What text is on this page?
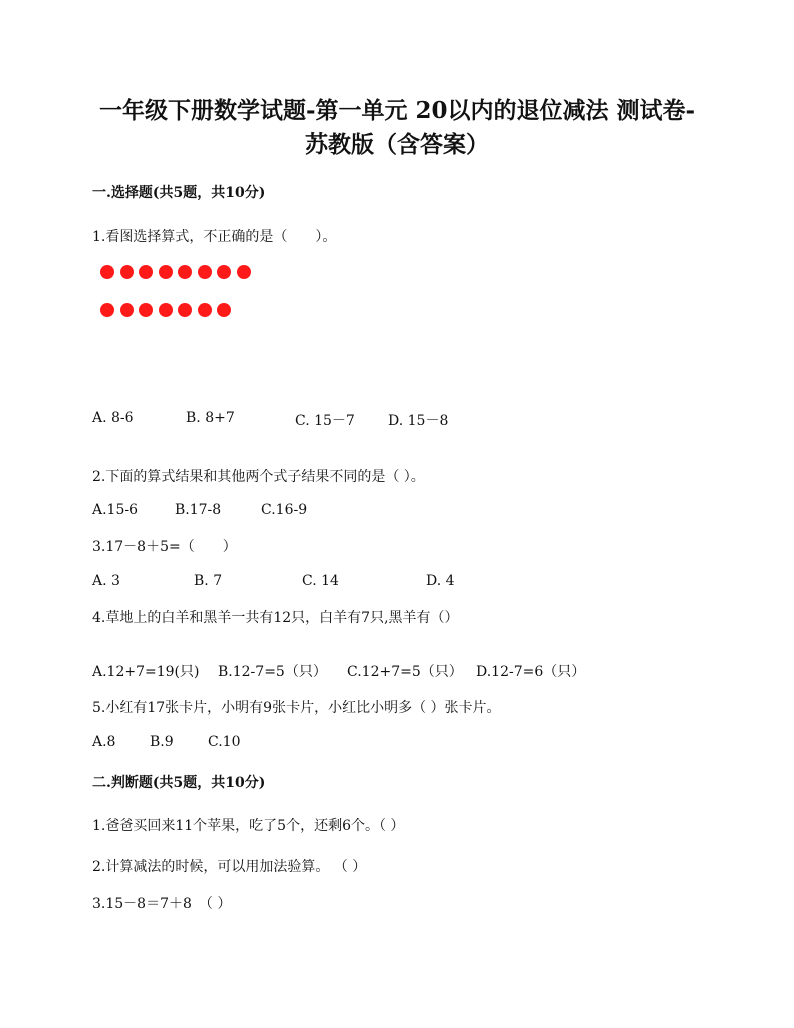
一年级下册数学试题-第一单元 20以内的退位减法 测试卷-
苏教版（含答案）
一.选择题(共5题，共10分)
1.看图选择算式，不正确的是（　　）。
A. 8-6	B. 8+7	C. 15－7 D. 15－8
2.下面的算式结果和其他两个式子结果不同的是（ ）。
A.15-6	B.17-8	C.16-9
3.17－8＋5=（　　）
A. 3	B. 7	C. 14	D. 4
4.草地上的白羊和黑羊一共有12只，白羊有7只,黑羊有（）
A.12+7=19(只) B.12-7=5（只） C.12+7=5（只） D.12-7=6（只）
5.小红有17张卡片，小明有9张卡片，小红比小明多（ ）张卡片。
A.8 B.9 C.10
二.判断题(共5题，共10分)
1.爸爸买回来11个苹果，吃了5个，还剩6个。（ ）
2.计算减法的时候，可以用加法验算。 （ ）
3.15－8＝7＋8　（ ）
